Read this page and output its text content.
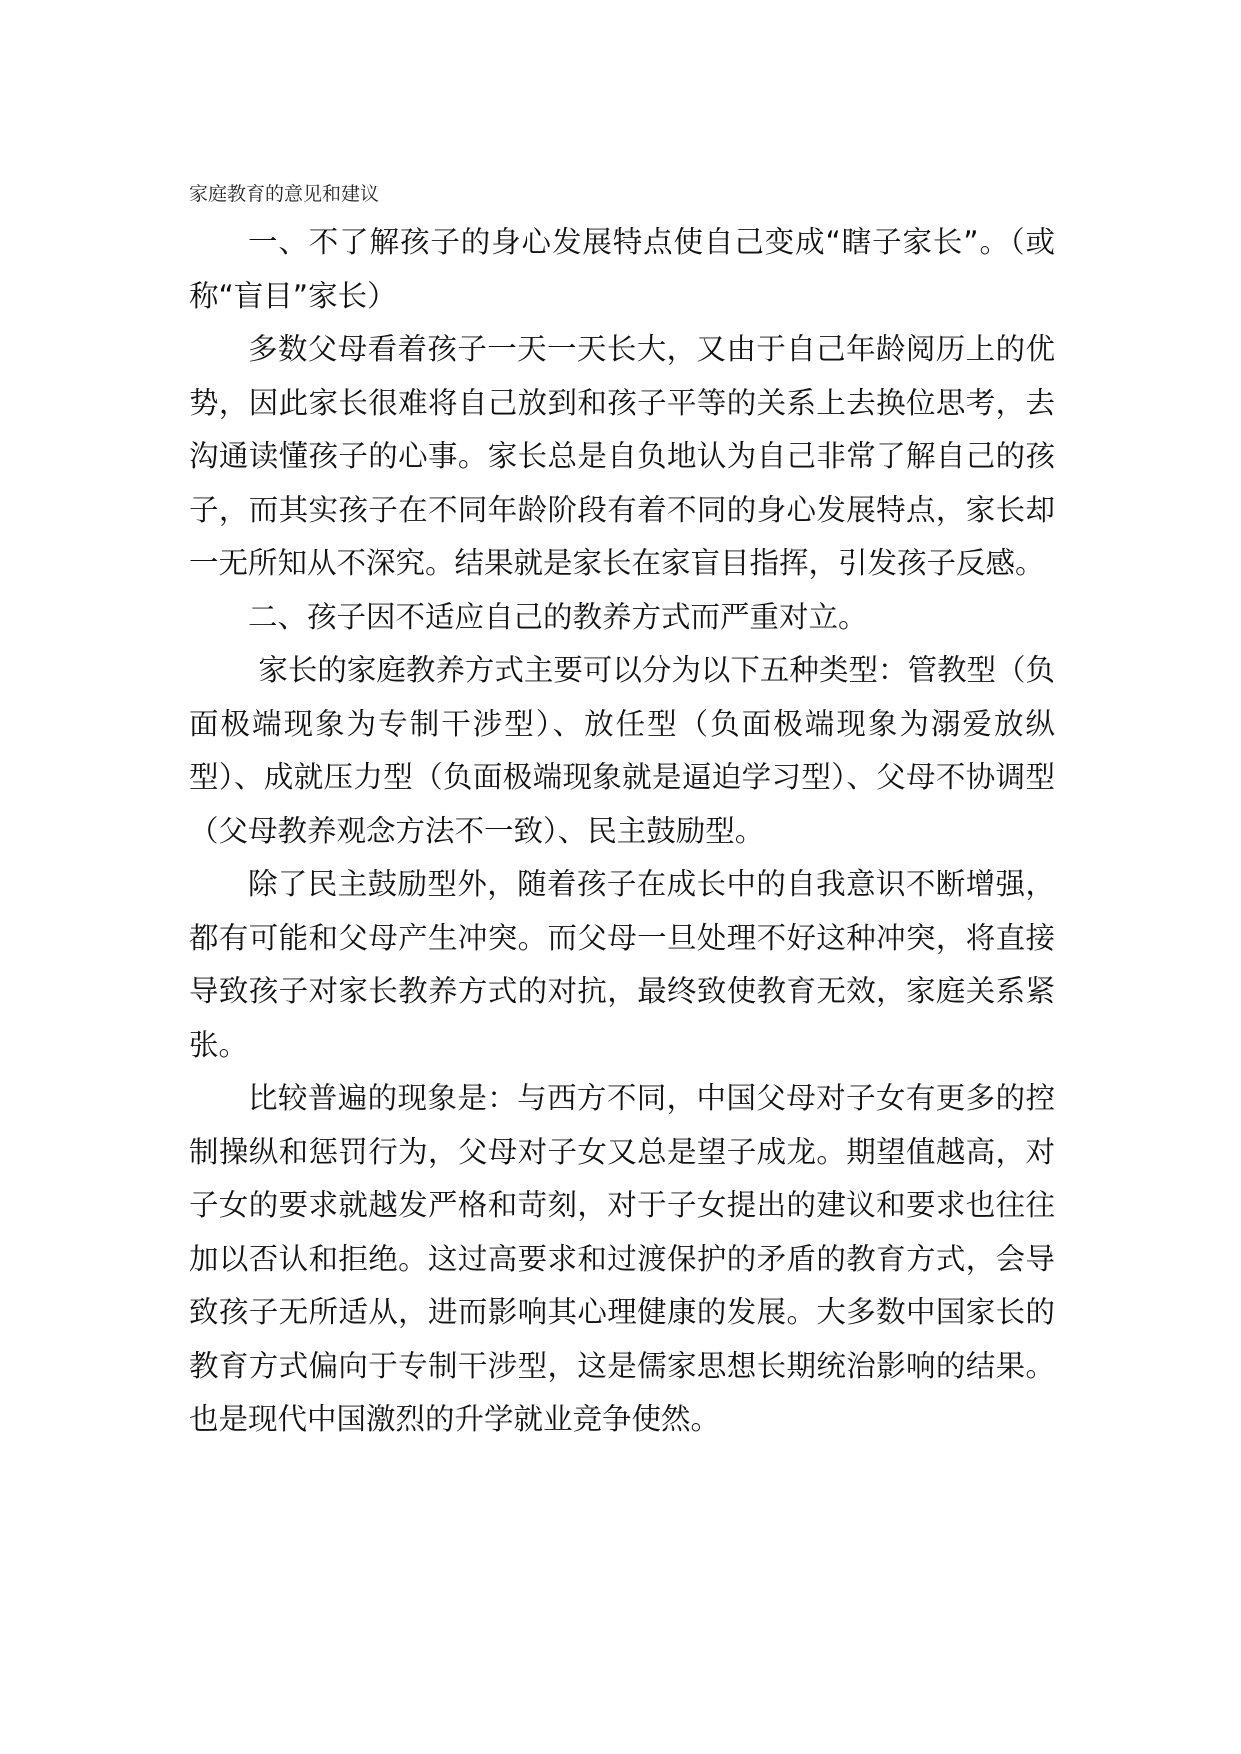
家庭教育的意见和建议

一、不了解孩子的身心发展特点使自己变成“瞎子家长”。（或称“盲目”家长）

多数父母看着孩子一天一天长大，又由于自己年龄阅历上的优势，因此家长很难将自己放到和孩子平等的关系上去换位思考，去沟通读懂孩子的心事。家长总是自负地认为自己非常了解自己的孩子，而其实孩子在不同年龄阶段有着不同的身心发展特点，家长却一无所知从不深究。结果就是家长在家盲目指挥，引发孩子反感。

二、孩子因不适应自己的教养方式而严重对立。

家长的家庭教养方式主要可以分为以下五种类型：管教型（负面极端现象为专制干涉型）、放任型（负面极端现象为溺爱放纵型）、成就压力型（负面极端现象就是逼迫学习型）、父母不协调型（父母教养观念方法不一致）、民主鼓励型。

除了民主鼓励型外，随着孩子在成长中的自我意识不断增强，都有可能和父母产生冲突。而父母一旦处理不好这种冲突，将直接导致孩子对家长教养方式的对抗，最终致使教育无效，家庭关系紧张。

比较普遍的现象是：与西方不同，中国父母对子女有更多的控制操纵和惩罚行为，父母对子女又总是望子成龙。期望值越高，对子女的要求就越发严格和苛刻，对于子女提出的建议和要求也往往加以否认和拒绝。这过高要求和过渡保护的矛盾的教育方式，会导致孩子无所适从，进而影响其心理健康的发展。大多数中国家长的教育方式偏向于专制干涉型，这是儒家思想长期统治影响的结果。也是现代中国激烈的升学就业竞争使然。
